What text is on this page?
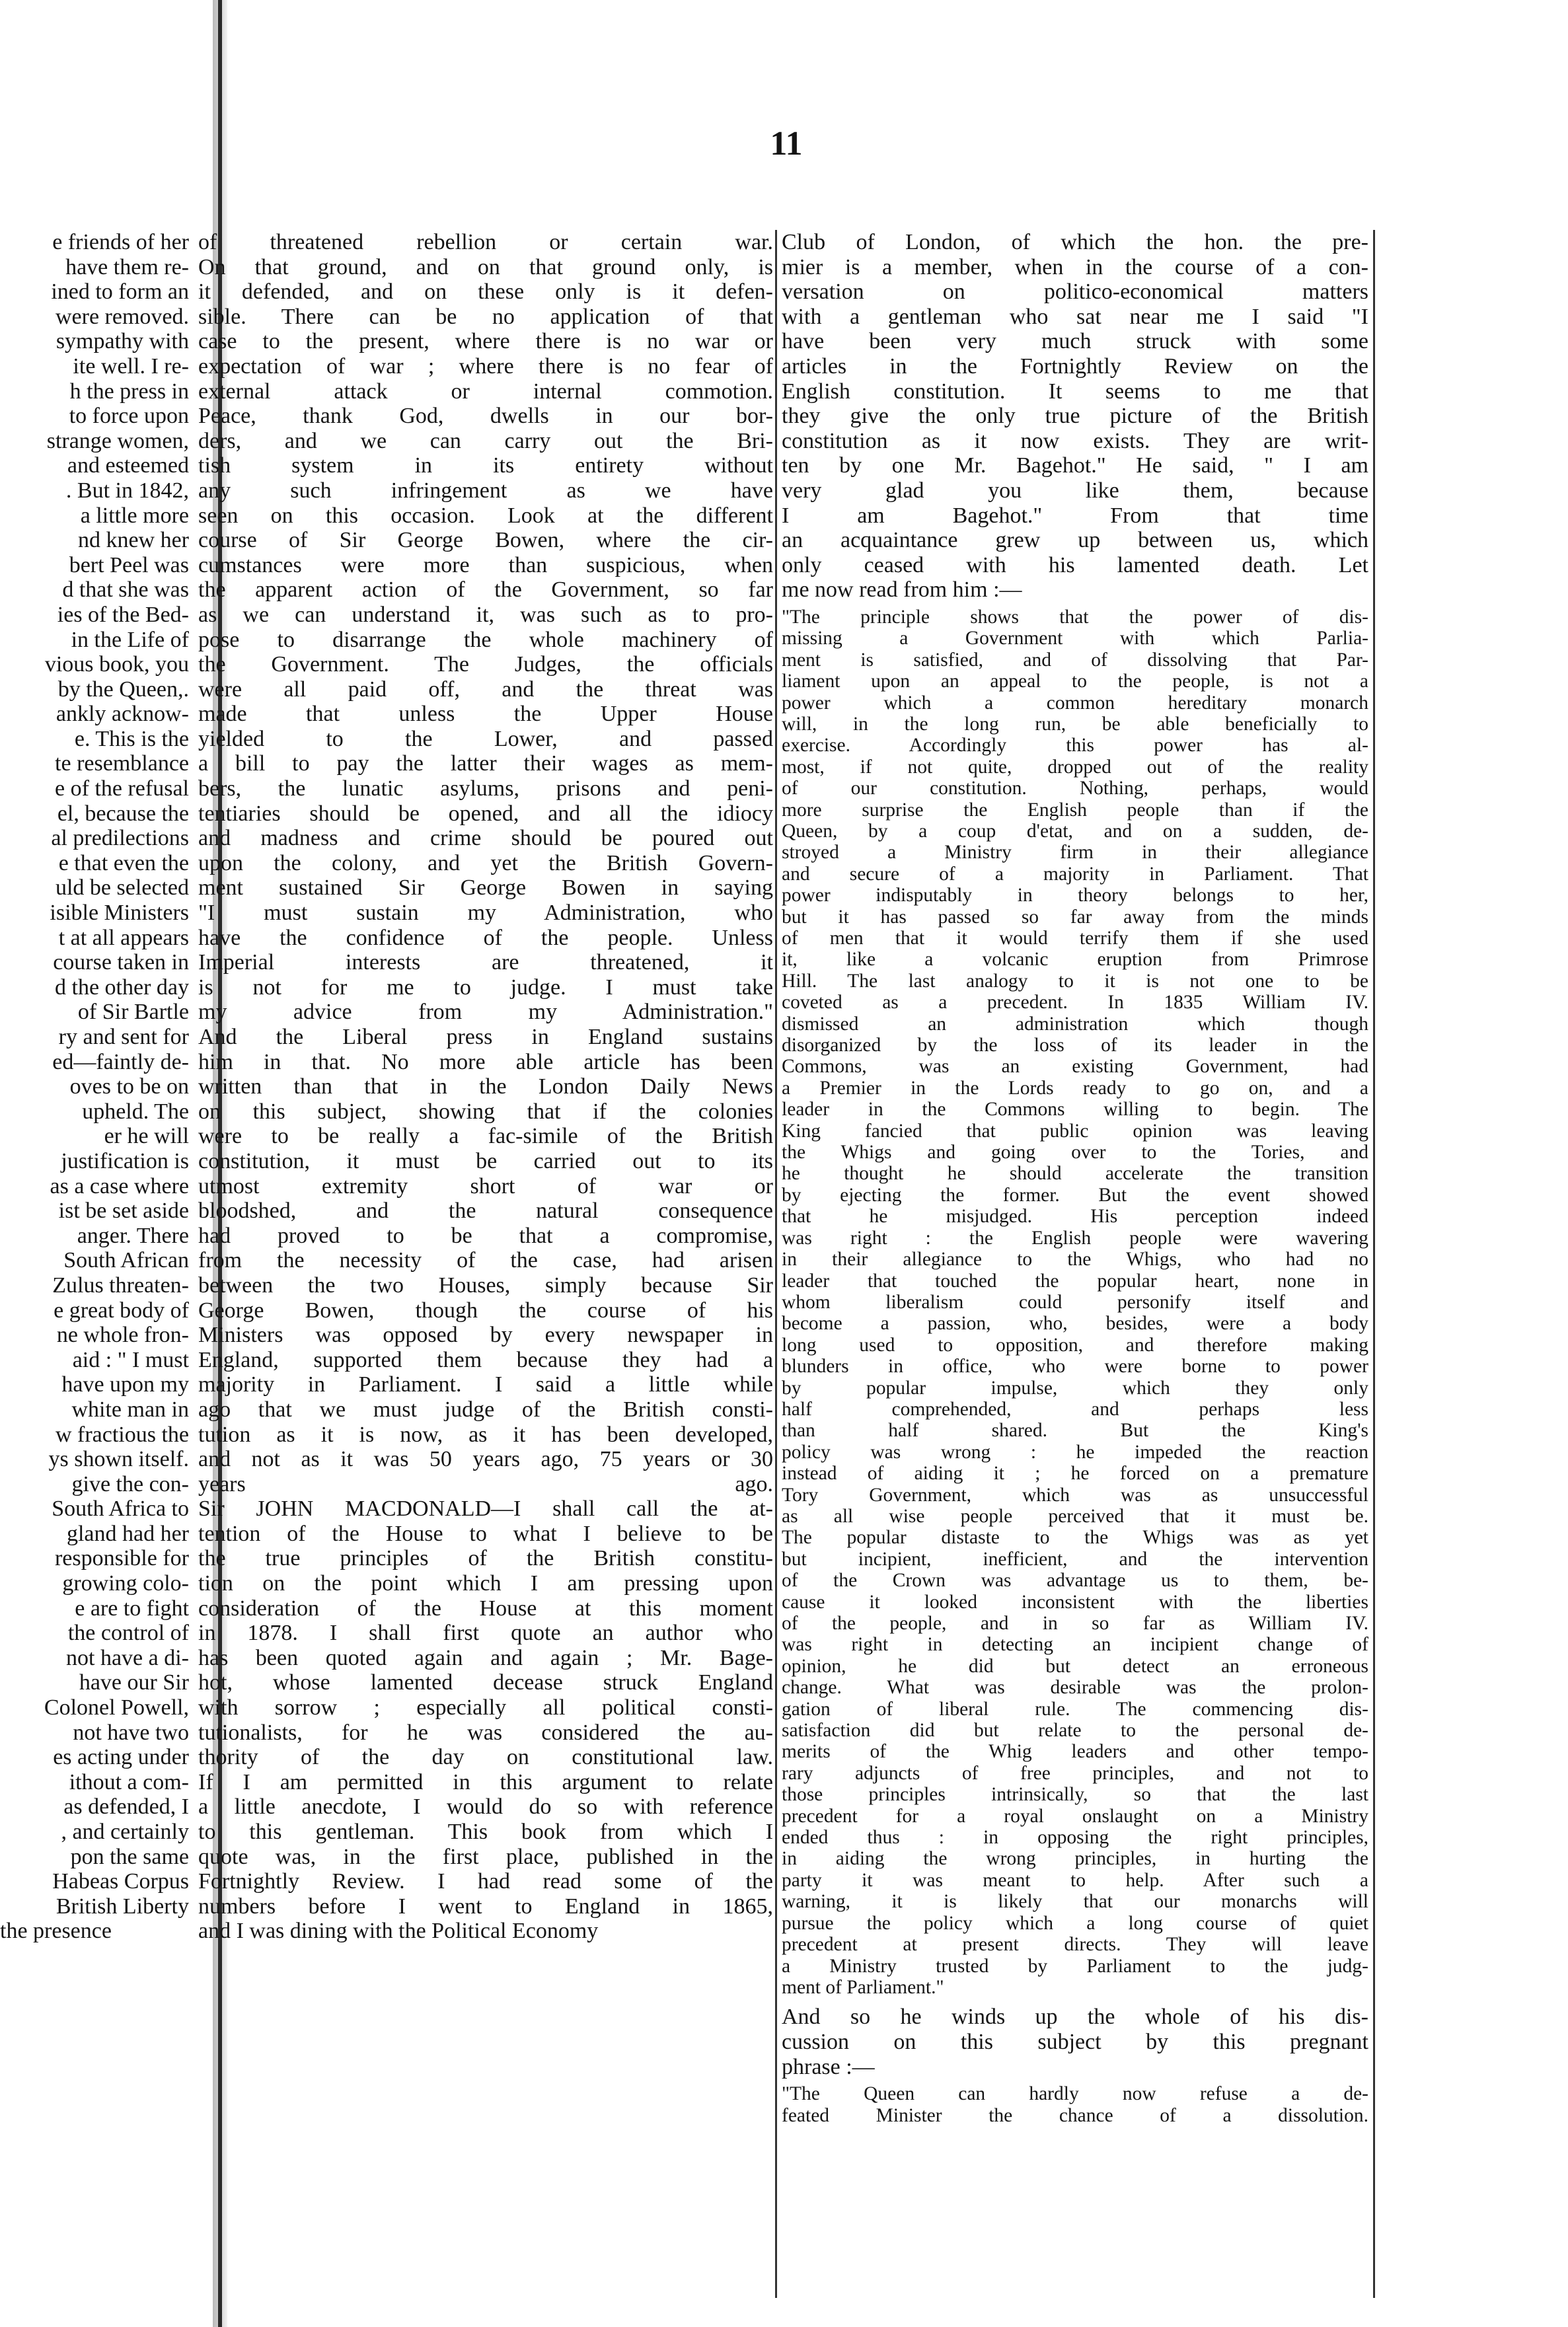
11
e friends of her
have them re-
ined to form an
were removed.
sympathy with
ite well. I re-
h the press in
to force upon
strange women,
and esteemed
. But in 1842,
a little more
nd knew her
bert Peel was
d that she was
ies of the Bed-
in the Life of
vious book, you
by the Queen,.
ankly acknow-
e. This is the
te resemblance
e of the refusal
el, because the
al predilections
e that even the
uld be selected
isible Ministers
t at all appears
course taken in
d the other day
of Sir Bartle
ry and sent for
ed—faintly de-
oves to be on
upheld. The
er he will
justification is
as a case where
ist be set aside
anger. There
South African
Zulus threaten-
e great body of
ne whole fron-
aid : " I must
have upon my
white man in
w fractious the
ys shown itself.
give the con-
South Africa to
gland had her
responsible for
growing colo-
e are to fight
the control of
not have a di-
have our Sir
Colonel Powell,
not have two
es acting under
ithout a com-
as defended, I
, and certainly
pon the same
Habeas Corpus
British Liberty
the presence
of threatened rebellion or certain war.
On that ground, and on that ground only, is
it defended, and on these only is it defen-
sible. There can be no application of that
case to the present, where there is no war or
expectation of war ; where there is no fear of
external attack or internal commotion.
Peace, thank God, dwells in our bor-
ders, and we can carry out the Bri-
tish system in its entirety without
any such infringement as we have
seen on this occasion. Look at the different
course of Sir George Bowen, where the cir-
cumstances were more than suspicious, when
the apparent action of the Government, so far
as we can understand it, was such as to pro-
pose to disarrange the whole machinery of
the Government. The Judges, the officials
were all paid off, and the threat was
made that unless the Upper House
yielded to the Lower, and passed
a bill to pay the latter their wages as mem-
bers, the lunatic asylums, prisons and peni-
tentiaries should be opened, and all the idiocy
and madness and crime should be poured out
upon the colony, and yet the British Govern-
ment sustained Sir George Bowen in saying
"I must sustain my Administration, who
have the confidence of the people. Unless
Imperial interests are threatened, it
is not for me to judge. I must take
my advice from my Administration."
And the Liberal press in England sustains
him in that. No more able article has been
written than that in the London Daily News
on this subject, showing that if the colonies
were to be really a fac-simile of the British
constitution, it must be carried out to its
utmost extremity short of war or
bloodshed, and the natural consequence
had proved to be that a compromise,
from the necessity of the case, had arisen
between the two Houses, simply because Sir
George Bowen, though the course of his
Ministers was opposed by every newspaper in
England, supported them because they had a
majority in Parliament. I said a little while
ago that we must judge of the British consti-
tution as it is now, as it has been developed,
and not as it was 50 years ago, 75 years or 30
years ago.
Sir JOHN MACDONALD—I shall call the at-
tention of the House to what I believe to be
the true principles of the British constitu-
tion on the point which I am pressing upon
consideration of the House at this moment
in 1878. I shall first quote an author who
has been quoted again and again ; Mr. Bage-
hot, whose lamented decease struck England
with sorrow ; especially all political consti-
tutionalists, for he was considered the au-
thority of the day on constitutional law.
If I am permitted in this argument to relate
a little anecdote, I would do so with reference
to this gentleman. This book from which I
quote was, in the first place, published in the
Fortnightly Review. I had read some of the
numbers before I went to England in 1865,
and I was dining with the Political Economy
Club of London, of which the hon. the pre-
mier is a member, when in the course of a con-
versation on politico-economical matters
with a gentleman who sat near me I said "I
have been very much struck with some
articles in the Fortnightly Review on the
English constitution. It seems to me that
they give the only true picture of the British
constitution as it now exists. They are writ-
ten by one Mr. Bagehot." He said, " I am
very glad you like them, because
I am Bagehot." From that time
an acquaintance grew up between us, which
only ceased with his lamented death. Let
me now read from him :—
"The principle shows that the power of dis-
missing a Government with which Parlia-
ment is satisfied, and of dissolving that Par-
liament upon an appeal to the people, is not a
power which a common hereditary monarch
will, in the long run, be able beneficially to
exercise. Accordingly this power has al-
most, if not quite, dropped out of the reality
of our constitution. Nothing, perhaps, would
more surprise the English people than if the
Queen, by a coup d'etat, and on a sudden, de-
stroyed a Ministry firm in their allegiance
and secure of a majority in Parliament. That
power indisputably in theory belongs to her,
but it has passed so far away from the minds
of men that it would terrify them if she used
it, like a volcanic eruption from Primrose
Hill. The last analogy to it is not one to be
coveted as a precedent. In 1835 William IV.
dismissed an administration which though
disorganized by the loss of its leader in the
Commons, was an existing Government, had
a Premier in the Lords ready to go on, and a
leader in the Commons willing to begin. The
King fancied that public opinion was leaving
the Whigs and going over to the Tories, and
he thought he should accelerate the transition
by ejecting the former. But the event showed
that he misjudged. His perception indeed
was right : the English people were wavering
in their allegiance to the Whigs, who had no
leader that touched the popular heart, none in
whom liberalism could personify itself and
become a passion, who, besides, were a body
long used to opposition, and therefore making
blunders in office, who were borne to power
by popular impulse, which they only
half comprehended, and perhaps less
than half shared. But the King's
policy was wrong : he impeded the reaction
instead of aiding it ; he forced on a premature
Tory Government, which was as unsuccessful
as all wise people perceived that it must be.
The popular distaste to the Whigs was as yet
but incipient, inefficient, and the intervention
of the Crown was advantage us to them, be-
cause it looked inconsistent with the liberties
of the people, and in so far as William IV.
was right in detecting an incipient change of
opinion, he did but detect an erroneous
change. What was desirable was the prolon-
gation of liberal rule. The commencing dis-
satisfaction did but relate to the personal de-
merits of the Whig leaders and other tempo-
rary adjuncts of free principles, and not to
those principles intrinsically, so that the last
precedent for a royal onslaught on a Ministry
ended thus : in opposing the right principles,
in aiding the wrong principles, in hurting the
party it was meant to help. After such a
warning, it is likely that our monarchs will
pursue the policy which a long course of quiet
precedent at present directs. They will leave
a Ministry trusted by Parliament to the judg-
ment of Parliament."
And so he winds up the whole of his dis-
cussion on this subject by this pregnant
phrase :—
"The Queen can hardly now refuse a de-
feated Minister the chance of a dissolution.
